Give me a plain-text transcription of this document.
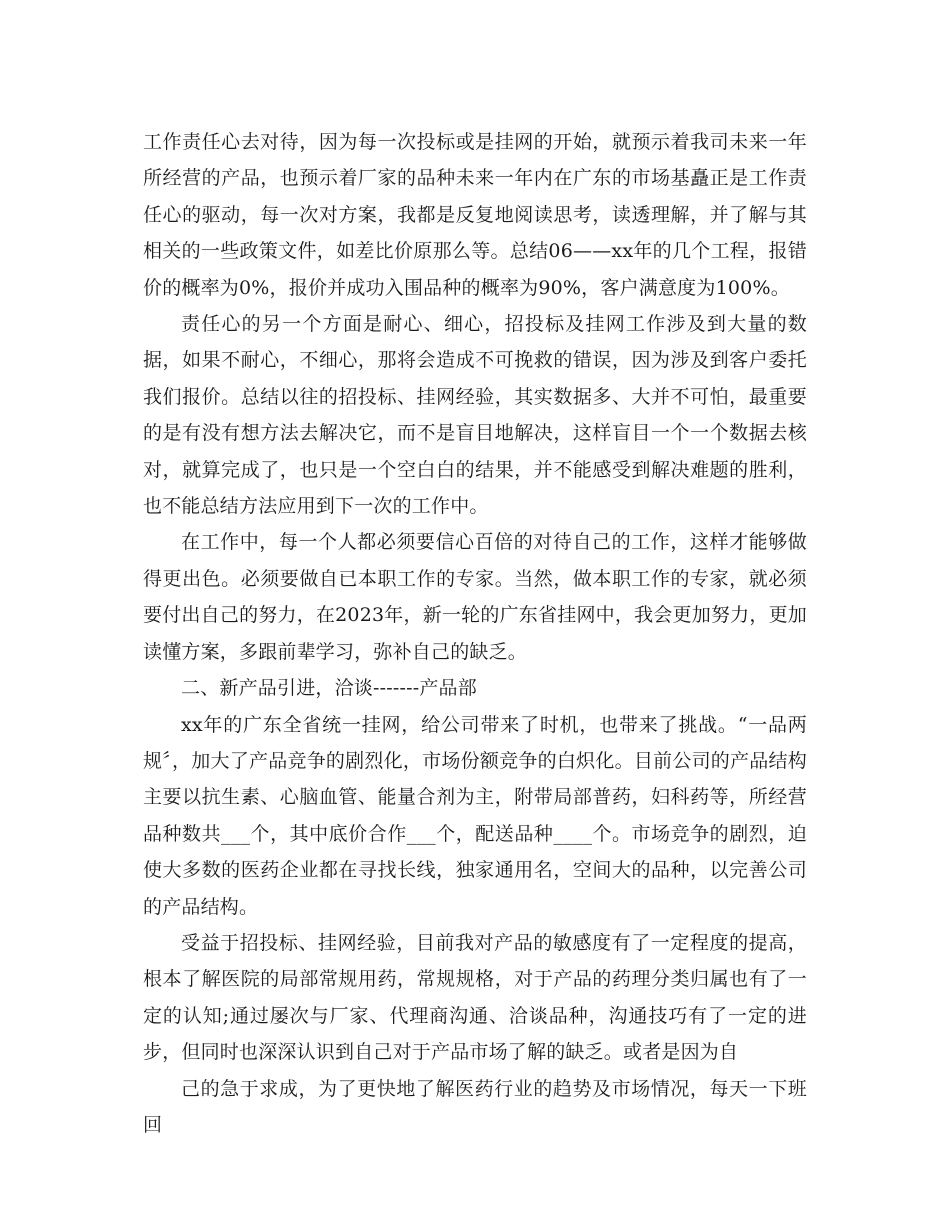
工作责任心去对待，因为每一次投标或是挂网的开始，就预示着我司未来一年所经营的产品，也预示着厂家的品种未来一年内在广东的市场基矗正是工作责任心的驱动，每一次对方案，我都是反复地阅读思考，读透理解，并了解与其相关的一些政策文件，如差比价原那么等。总结06——xx年的几个工程，报错价的概率为0%，报价并成功入围品种的概率为90%，客户满意度为100%。

责任心的另一个方面是耐心、细心，招投标及挂网工作涉及到大量的数据，如果不耐心，不细心，那将会造成不可挽救的错误，因为涉及到客户委托我们报价。总结以往的招投标、挂网经验，其实数据多、大并不可怕，最重要的是有没有想方法去解决它，而不是盲目地解决，这样盲目一个一个数据去核对，就算完成了，也只是一个空白白的结果，并不能感受到解决难题的胜利，也不能总结方法应用到下一次的工作中。

在工作中，每一个人都必须要信心百倍的对待自己的工作，这样才能够做得更出色。必须要做自已本职工作的专家。当然，做本职工作的专家，就必须要付出自己的努力，在2023年，新一轮的广东省挂网中，我会更加努力，更加读懂方案，多跟前辈学习，弥补自己的缺乏。

二、新产品引进，洽谈-------产品部

xx年的广东全省统一挂网，给公司带来了时机，也带来了挑战。“一品两规〞，加大了产品竞争的剧烈化，市场份额竞争的白炽化。目前公司的产品结构主要以抗生素、心脑血管、能量合剂为主，附带局部普药，妇科药等，所经营品种数共___个，其中底价合作___个，配送品种____个。市场竞争的剧烈，迫使大多数的医药企业都在寻找长线，独家通用名，空间大的品种，以完善公司的产品结构。

受益于招投标、挂网经验，目前我对产品的敏感度有了一定程度的提高，根本了解医院的局部常规用药，常规规格，对于产品的药理分类归属也有了一定的认知;通过屡次与厂家、代理商沟通、洽谈品种，沟通技巧有了一定的进步，但同时也深深认识到自己对于产品市场了解的缺乏。或者是因为自

己的急于求成，为了更快地了解医药行业的趋势及市场情况，每天一下班回
